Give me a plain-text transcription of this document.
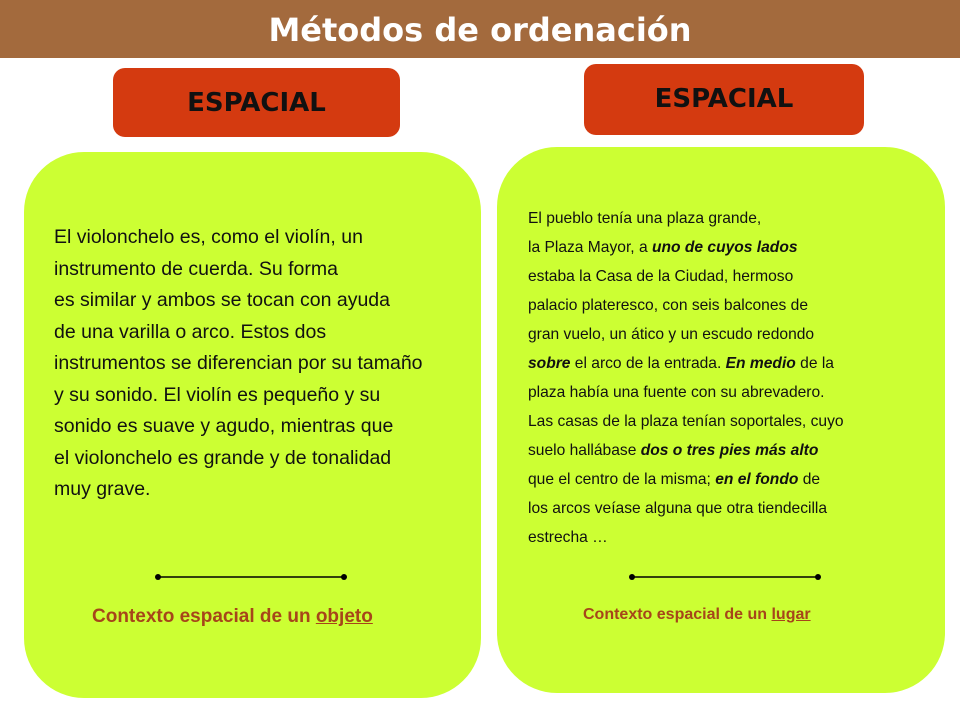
Métodos de ordenación
ESPACIAL	ESPACIAL
El violonchelo es, como el violín, un
instrumento de cuerda. Su forma
es similar y ambos se tocan con ayuda
de una varilla o arco. Estos dos
instrumentos se diferencian por su tamaño
y su sonido. El violín es pequeño y su
sonido es suave y agudo, mientras que
el violonchelo es grande y de tonalidad
muy grave.
El pueblo tenía una plaza grande,
la Plaza Mayor, a uno de cuyos lados
estaba la Casa de la Ciudad, hermoso
palacio plateresco, con seis balcones de
gran vuelo, un ático y un escudo redondo
sobre el arco de la entrada. En medio de la
plaza había una fuente con su abrevadero.
Las casas de la plaza tenían soportales, cuyo
suelo hallábase dos o tres pies más alto
que el centro de la misma; en el fondo de
los arcos veíase alguna que otra tiendecilla
estrecha …
Contexto espacial de un objeto	Contexto espacial de un lugar
